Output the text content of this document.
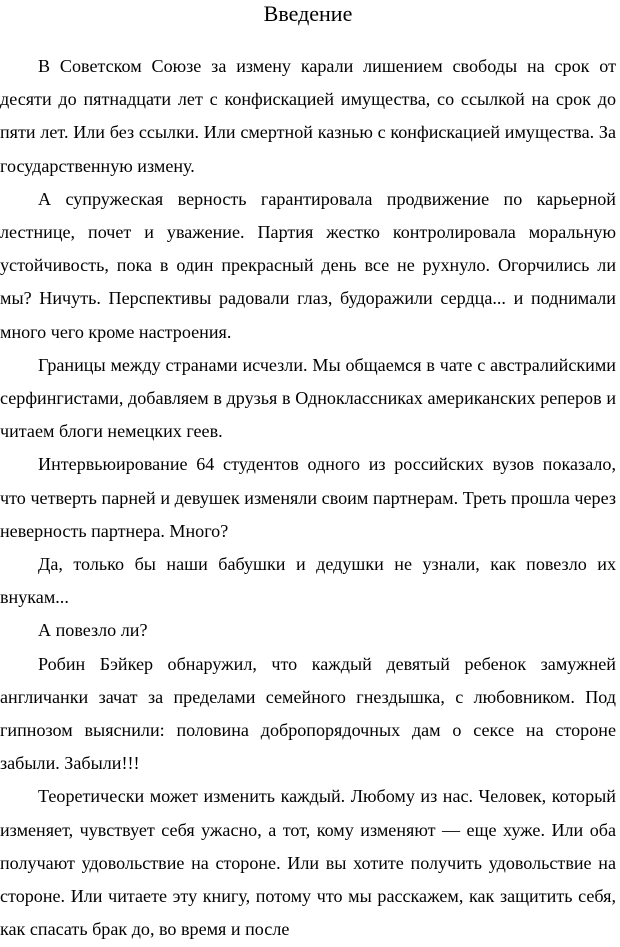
Введение

В Советском Союзе за измену карали лишением свободы на срок от десяти до пятнадцати лет с конфискацией имущества, со ссылкой на срок до пяти лет. Или без ссылки. Или смертной казнью с конфискацией имущества. За государственную измену.

А супружеская верность гарантировала продвижение по карьерной лестнице, почет и уважение. Партия жестко контролировала моральную устойчивость, пока в один прекрасный день все не рухнуло. Огорчились ли мы? Ничуть. Перспективы радовали глаз, будоражили сердца... и поднимали много чего кроме настроения.

Границы между странами исчезли. Мы общаемся в чате с австралийскими серфингистами, добавляем в друзья в Одноклассниках американских реперов и читаем блоги немецких геев.

Интервьюирование 64 студентов одного из российских вузов показало, что четверть парней и девушек изменяли своим партнерам. Треть прошла через неверность партнера. Много?

Да, только бы наши бабушки и дедушки не узнали, как повезло их внукам...

А повезло ли?

Робин Бэйкер обнаружил, что каждый девятый ребенок замужней англичанки зачат за пределами семейного гнездышка, с любовником. Под гипнозом выяснили: половина добропорядочных дам о сексе на стороне забыли. Забыли!!!

Теоретически может изменить каждый. Любому из нас. Человек, который изменяет, чувствует себя ужасно, а тот, кому изменяют — еще хуже. Или оба получают удовольствие на стороне. Или вы хотите получить удовольствие на стороне. Или читаете эту книгу, потому что мы расскажем, как защитить себя, как спасать брак до, во время и после
